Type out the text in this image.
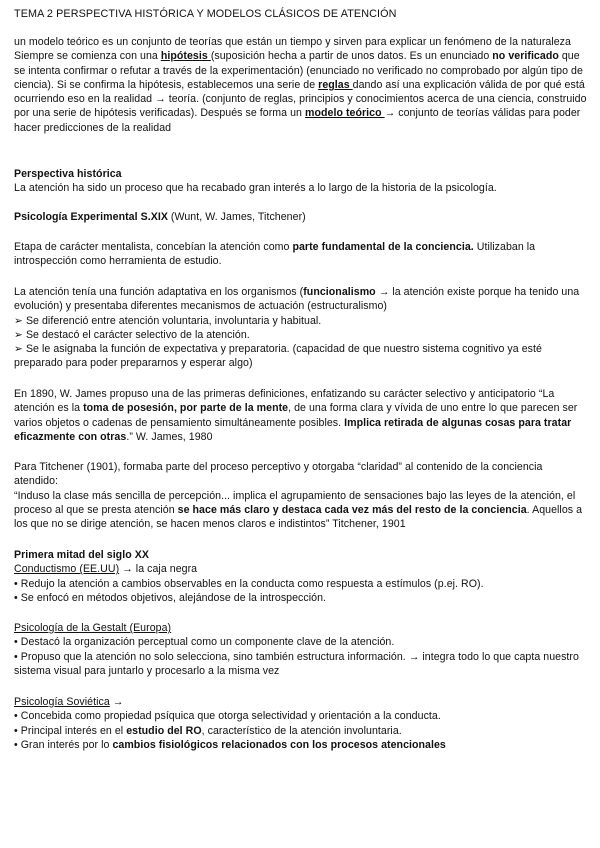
TEMA 2 PERSPECTIVA HISTÓRICA Y MODELOS CLÁSICOS DE ATENCIÓN

un modelo teórico es un conjunto de teorías que están un tiempo y sirven para explicar un fenómeno de la naturaleza

Siempre se comienza con una hipótesis (suposición hecha a partir de unos datos. Es un enunciado no verificado que se intenta confirmar o refutar a través de la experimentación) (enunciado no verificado no comprobado por algún tipo de ciencia). Si se confirma la hipótesis, establecemos una serie de reglas dando así una explicación válida de por qué está ocurriendo eso en la realidad → teoría. (conjunto de reglas, principios y conocimientos acerca de una ciencia, construido por una serie de hipótesis verificadas). Después se forma un modelo teórico → conjunto de teorías válidas para poder hacer predicciones de la realidad

Perspectiva histórica

La atención ha sido un proceso que ha recabado gran interés a lo largo de la historia de la psicología.

Psicología Experimental S.XIX (Wunt, W. James, Titchener)

Etapa de carácter mentalista, concebían la atención como parte fundamental de la conciencia. Utilizaban la introspección como herramienta de estudio.

La atención tenía una función adaptativa en los organismos (funcionalismo → la atención existe porque ha tenido una evolución) y presentaba diferentes mecanismos de actuación (estructuralismo)

➢ Se diferenció entre atención voluntaria, involuntaria y habitual.

➢ Se destacó el carácter selectivo de la atención.

➢ Se le asignaba la función de expectativa y preparatoria. (capacidad de que nuestro sistema cognitivo ya esté preparado para poder prepararnos y esperar algo)

En 1890, W. James propuso una de las primeras definiciones, enfatizando su carácter selectivo y anticipatorio “La atención es la toma de posesión, por parte de la mente, de una forma clara y vívida de uno entre lo que parecen ser varios objetos o cadenas de pensamiento simultáneamente posibles. Implica retirada de algunas cosas para tratar eficazmente con otras.” W. James, 1980

Para Titchener (1901), formaba parte del proceso perceptivo y otorgaba “claridad” al contenido de la conciencia atendido:

“Induso la clase más sencilla de percepción... implica el agrupamiento de sensaciones bajo las leyes de la atención, el proceso al que se presta atención se hace más claro y destaca cada vez más del resto de la conciencia. Aquellos a los que no se dirige atención, se hacen menos claros e indistintos” Titchener, 1901

Primera mitad del siglo XX

Conductismo (EE.UU) → la caja negra

• Redujo la atención a cambios observables en la conducta como respuesta a estímulos (p.ej. RO).

• Se enfocó en métodos objetivos, alejándose de la introspección.

Psicología de la Gestalt (Europa)

• Destacó la organización perceptual como un componente clave de la atención.

• Propuso que la atención no solo selecciona, sino también estructura información. → integra todo lo que capta nuestro sistema visual para juntarlo y procesarlo a la misma vez

Psicología Soviética →

• Concebida como propiedad psíquica que otorga selectividad y orientación a la conducta.

• Principal interés en el estudio del RO, característico de la atención involuntaria.

• Gran interés por lo cambios fisiológicos relacionados con los procesos atencionales
